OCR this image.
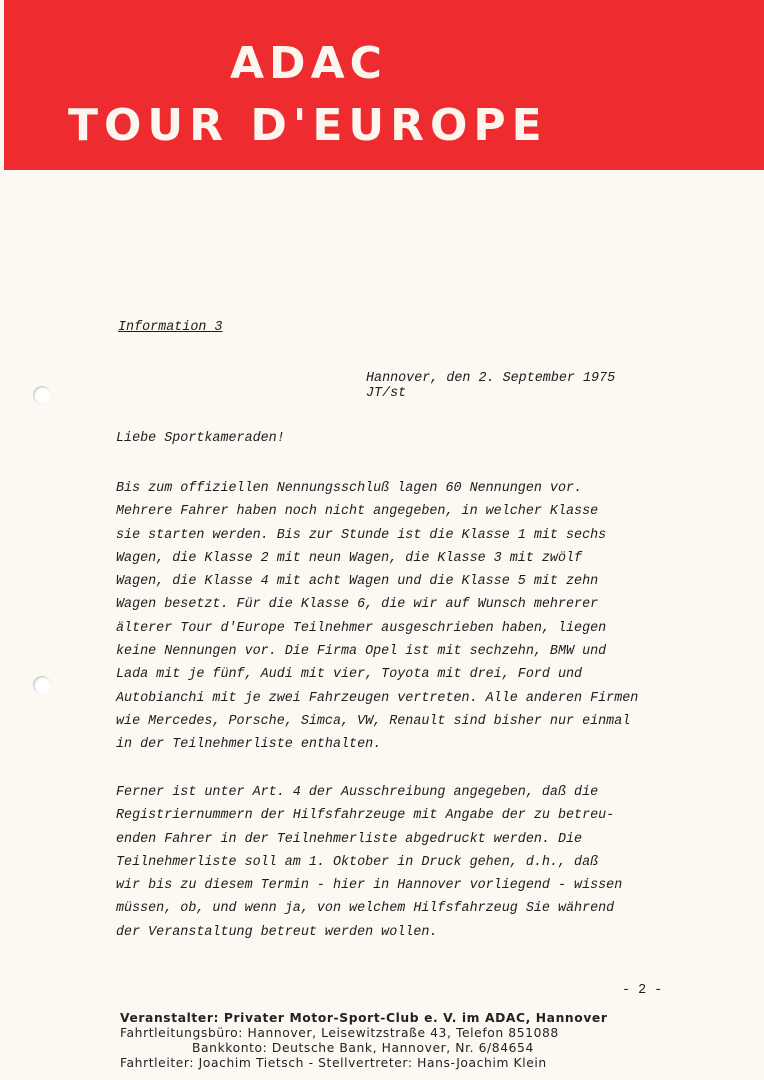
ADAC
TOUR D'EUROPE
Information 3
Hannover, den 2. September 1975
JT/st
Liebe Sportkameraden!
Bis zum offiziellen Nennungsschluß lagen 60 Nennungen vor.
Mehrere Fahrer haben noch nicht angegeben, in welcher Klasse
sie starten werden. Bis zur Stunde ist die Klasse 1 mit sechs
Wagen, die Klasse 2 mit neun Wagen, die Klasse 3 mit zwölf
Wagen, die Klasse 4 mit acht Wagen und die Klasse 5 mit zehn
Wagen besetzt. Für die Klasse 6, die wir auf Wunsch mehrerer
älterer Tour d'Europe Teilnehmer ausgeschrieben haben, liegen
keine Nennungen vor. Die Firma Opel ist mit sechzehn, BMW und
Lada mit je fünf, Audi mit vier, Toyota mit drei, Ford und
Autobianchi mit je zwei Fahrzeugen vertreten. Alle anderen Firmen
wie Mercedes, Porsche, Simca, VW, Renault sind bisher nur einmal
in der Teilnehmerliste enthalten.
Ferner ist unter Art. 4 der Ausschreibung angegeben, daß die
Registriernummern der Hilfsfahrzeuge mit Angabe der zu betreu-
enden Fahrer in der Teilnehmerliste abgedruckt werden. Die
Teilnehmerliste soll am 1. Oktober in Druck gehen, d.h., daß
wir bis zu diesem Termin - hier in Hannover vorliegend - wissen
müssen, ob, und wenn ja, von welchem Hilfsfahrzeug Sie während
der Veranstaltung betreut werden wollen.
- 2 -
Veranstalter: Privater Motor-Sport-Club e. V. im ADAC, Hannover
Fahrtleitungsbüro: Hannover, Leisewitzstraße 43, Telefon 851088
Bankkonto: Deutsche Bank, Hannover, Nr. 6/84654
Fahrtleiter: Joachim Tietsch - Stellvertreter: Hans-Joachim Klein
